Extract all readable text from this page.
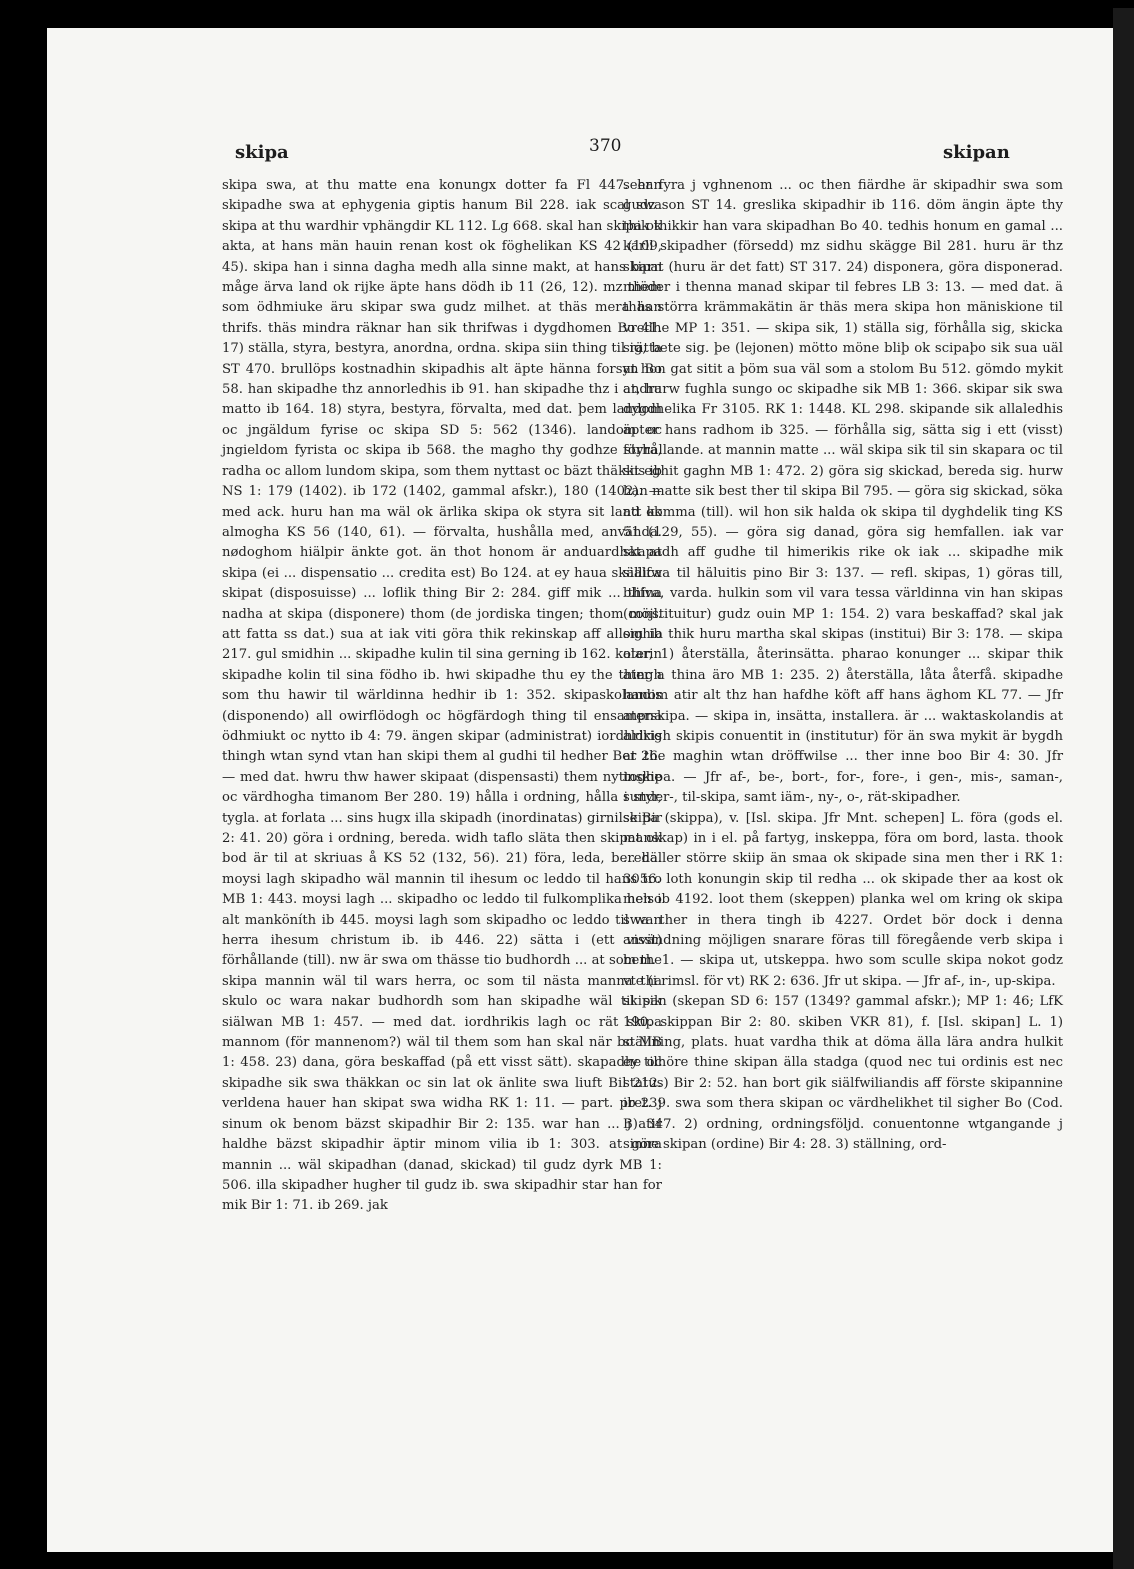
skipa	370	skipan

skipa swa, at thu matte ena konungx dotter fa Fl 447. han skipadhe swa at ephygenia giptis hanum Bil 228. iak scal swa skipa at thu wardhir vphängdir KL 112. Lg 668. skal han skipa ok akta, at hans män hauin renan kost ok föghelikan KS 42 (109, 45). skipa han i sinna dagha medh alla sinne makt, at hans barn måge ärva land ok rijke äpte hans dödh ib 11 (26, 12). mz them som ödhmiuke äru skipar swa gudz milhet. at thäs mera han thrifs. thäs mindra räknar han sik thrifwas i dygdhomen Bo 41. 17) ställa, styra, bestyra, anordna, ordna. skipa siin thing til rätta ST 470. brullöps kostnadhin skipadhis alt äpte hänna forsyn Bo 58. han skipadhe thz annorledhis ib 91. han skipadhe thz i andra matto ib 164. 18) styra, bestyra, förvalta, med dat. þem landom oc jngäldum fyrise oc skipa SD 5: 562 (1346). landom oc jngieldom fyrista oc skipa ib 568. the magho thy godhze styra, radha oc allom lundom skipa, som them nyttast oc bäzt thäkkis ib NS 1: 179 (1402). ib 172 (1402, gammal afskr.), 180 (1402). — med ack. huru han ma wäl ok ärlika skipa ok styra sit land ok almogha KS 56 (140, 61). — förvalta, hushålla med, använda. nødoghom hiälpir änkte got. än thot honom är anduardhat at skipa (ei ... dispensatio ... credita est) Bo 124. at ey haua skällica skipat (disposuisse) ... loflik thing Bir 2: 284. giff mik ... thina nadha at skipa (disponere) thom (de jordiska tingen; thom möjl. att fatta ss dat.) sua at iak viti göra thik rekinskap aff allom ib 217. gul smidhin ... skipadhe kulin til sina gerning ib 162. kolarin skipadhe kolin til sina födho ib. hwi skipadhe thu ey the thingh som thu hawir til wärldinna hedhir ib 1: 352. skipaskolandis (disponendo) all owirflödogh oc högfärdogh thing til ensampna ödhmiukt oc nytto ib 4: 79. ängen skipar (administrat) iordhrikis thingh wtan synd vtan han skipi them al gudhi til hedher Ber 26. — med dat. hwru thw hawer skipaat (dispensasti) them nyttoghe oc värdhogha timanom Ber 280. 19) hålla i ordning, hålla i styr, tygla. at forlata ... sins hugx illa skipadh (inordinatas) girnilse Bir 2: 41. 20) göra i ordning, bereda. widh taflo släta then skipat ok bod är til at skriuas å KS 52 (132, 56). 21) föra, leda, bereda. moysi lagh skipadho wäl mannin til ihesum oc leddo til hans tro MB 1: 443. moysi lagh ... skipadho oc leddo til fulkomplika helso alt manköníth ib 445. moysi lagh som skipadho oc leddo til wan herra ihesum christum ib. ib 446. 22) sätta i (ett visst) förhållande (till). nw är swa om thässe tio budhordh ... at som the skipa mannin wäl til wars herra, oc som til nästa manna tha skulo oc wara nakar budhordh som han skipadhe wäl til sik siälwan MB 1: 457. — med dat. iordhrikis lagh oc rät skipa mannom (för mannenom?) wäl til them som han skal när bo MB 1: 458. 23) dana, göra beskaffad (på ett visst sätt). skapadhe oc skipadhe sik swa thäkkan oc sin lat ok änlite swa liuft Bil 212. verldena hauer han skipat swa widha RK 1: 11. — part. pret. j sinum ok benom bäzst skipadhir Bir 2: 135. war han ... j atir haldhe bäzst skipadhir äptir minom vilia ib 1: 303. at göra mannin ... wäl skipadhan (danad, skickad) til gudz dyrk MB 1: 506. illa skipadher hugher til gudz ib. swa skipadhir star han for mik Bir 1: 71. ib 269. jak

seer fyra j vghnenom ... oc then fiärdhe är skipadhir swa som gudz son ST 14. greslika skipadhir ib 116. döm ängin äpte thy thik thikkir han vara skipadhan Bo 40. tedhis honum en gamal ... karll skipadher (försedd) mz sidhu skägge Bil 281. huru är thz skipat (huru är det fatt) ST 317. 24) disponera, göra disponerad. miöder i thenna manad skipar til febres LB 3: 13. — med dat. ä thäs störra krämmakätin är thäs mera skipa hon mäniskione til vredhe MP 1: 351. — skipa sik, 1) ställa sig, förhålla sig, skicka sig, bete sig. þe (lejonen) mötto möne bliþ ok scipaþo sik sua uäl at hon gat sitit a þöm sua väl som a stolom Bu 512. gömdo mykit at, hurw fughla sungo oc skipadhe sik MB 1: 366. skipar sik swa dygdhelika Fr 3105. RK 1: 1448. KL 298. skipande sik allaledhis äpter hans radhom ib 325. — förhålla sig, sätta sig i ett (visst) förhållande. at mannin matte ... wäl skipa sik til sin skapara oc til sit eghit gaghn MB 1: 472. 2) göra sig skickad, bereda sig. hurw han matte sik best ther til skipa Bil 795. — göra sig skickad, söka att komma (till). wil hon sik halda ok skipa til dyghdelik ting KS 51 (129, 55). — göra sig danad, göra sig hemfallen. iak var skapadh aff gudhe til himerikis rike ok iak ... skipadhe mik siälfwa til häluitis pino Bir 3: 137. — refl. skipas, 1) göras till, blifva, varda. hulkin som vil vara tessa världinna vin han skipas (constituitur) gudz ouin MP 1: 154. 2) vara beskaffad? skal jak sighia thik huru martha skal skipas (institui) Bir 3: 178. — skipa ater, 1) återställa, återinsätta. pharao konunger ... skipar thik ater a thina äro MB 1: 235. 2) återställa, låta återfå. skipadhe hanom atir alt thz han hafdhe köft aff hans äghom KL 77. — Jfr aterskipa. — skipa in, insätta, installera. är ... waktaskolandis at aldrigh skipis conuentit in (institutur) för än swa mykit är bygdh at the maghin wtan dröffwilse ... ther inne boo Bir 4: 30. Jfr inskipa. — Jfr af-, be-, bort-, for-, fore-, i gen-, mis-, saman-, sunder-, til-skipa, samt iäm-, ny-, o-, rät-skipadher.

skipa (skippa), v. [Isl. skipa. Jfr Mnt. schepen] L. föra (gods el. manskap) in i el. på fartyg, inskeppa, föra om bord, lasta. thook ... häller större skiip än smaa ok skipade sina men ther i RK 1: 3056. loth konungin skip til redha ... ok skipade ther aa kost ok men ib 4192. loot them (skeppen) planka wel om kring ok skipa swa ther in thera tingh ib 4227. Ordet bör dock i denna användning möjligen snarare föras till föregående verb skipa i bem. 1. — skipa ut, utskeppa. hwo som sculle skipa nokot godz vte (i rimsl. för vt) RK 2: 636. Jfr ut skipa. — Jfr af-, in-, up-skipa.

skipan (skepan SD 6: 157 (1349? gammal afskr.); MP 1: 46; LfK 190. skippan Bir 2: 80. skiben VKR 81), f. [Isl. skipan] L. 1) ställning, plats. huat vardha thik at döma älla lära andra hulkit ey tilhöre thine skipan älla stadga (quod nec tui ordinis est nec status) Bir 2: 52. han bort gik siälfwiliandis aff förste skipannine ib 239. swa som thera skipan oc värdhelikhet til sigher Bo (Cod. B) 347. 2) ordning, ordningsföljd. conuentonne wtgangande j sinne skipan (ordine) Bir 4: 28. 3) ställning, ord-
